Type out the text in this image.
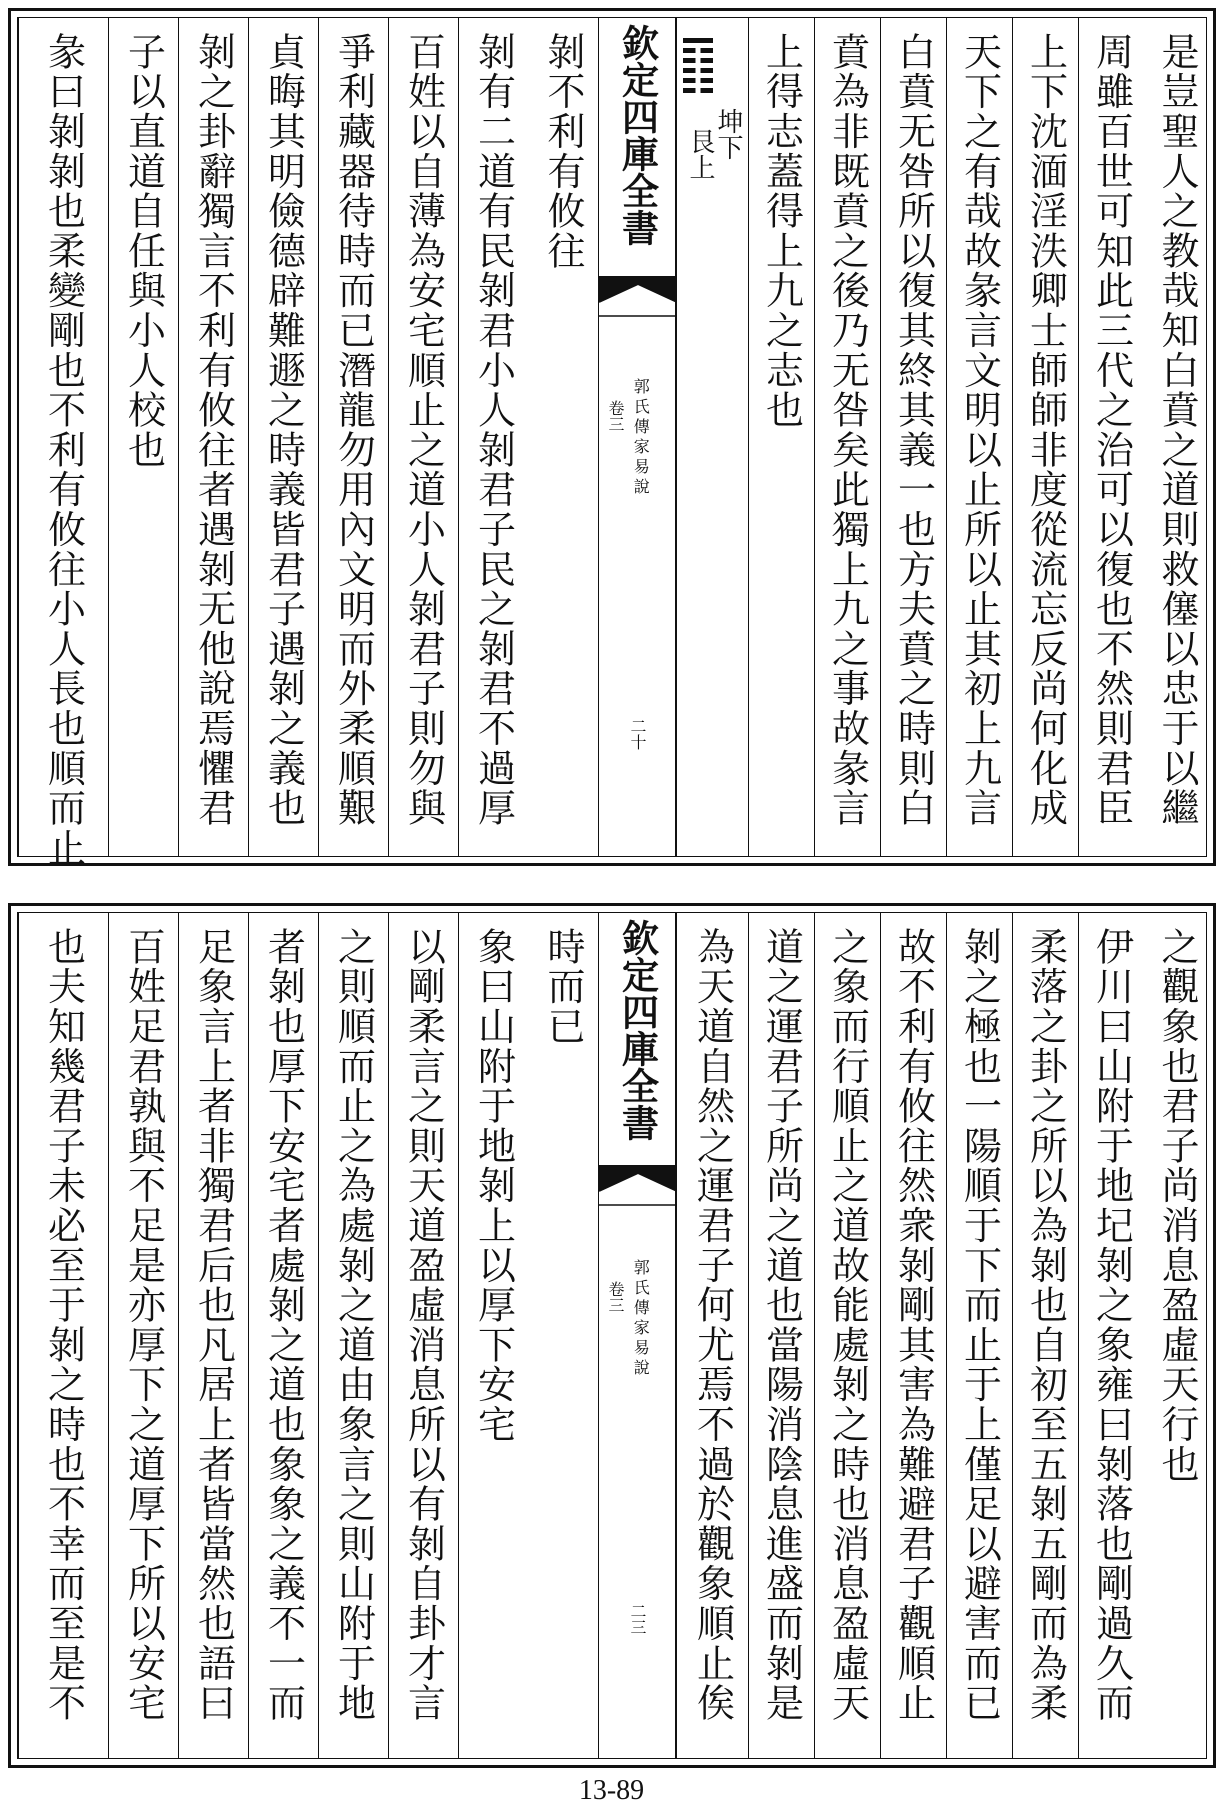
是豈聖人之教哉知白賁之道則救僿以忠于以繼
周雖百世可知此三代之治可以復也不然則君臣
上下沈湎淫泆卿士師師非度從流忘反尚何化成
天下之有哉故彖言文明以止所以止其初上九言
白賁无咎所以復其終其義一也方夫賁之時則白
賁為非既賁之後乃无咎矣此獨上九之事故彖言
上得志蓋得上九之志也
坤下
艮上
欽定四庫全書
郭氏傳家易說
卷三
二十
剝不利有攸往
剝有二道有民剝君小人剝君子民之剝君不過厚
百姓以自薄為安宅順止之道小人剝君子則勿與
爭利藏器待時而已潛龍勿用內文明而外柔順艱
貞晦其明儉德辟難遯之時義皆君子遇剝之義也
剝之卦辭獨言不利有攸往者遇剝无他說焉懼君
子以直道自任與小人校也
彖曰剝剝也柔變剛也不利有攸往小人長也順而止
之觀象也君子尚消息盈虛天行也
伊川曰山附于地圮剝之象雍曰剝落也剛過久而
柔落之卦之所以為剝也自初至五剝五剛而為柔
剝之極也一陽順于下而止于上僅足以避害而已
故不利有攸往然衆剝剛其害為難避君子觀順止
之象而行順止之道故能處剝之時也消息盈虛天
道之運君子所尚之道也當陽消陰息進盛而剝是
為天道自然之運君子何尤焉不過於觀象順止俟
欽定四庫全書
郭氏傳家易說
卷三
二三
時而已
象曰山附于地剝上以厚下安宅
以剛柔言之則天道盈虛消息所以有剝自卦才言
之則順而止之為處剝之道由象言之則山附于地
者剝也厚下安宅者處剝之道也象象之義不一而
足象言上者非獨君后也凡居上者皆當然也語曰
百姓足君孰與不足是亦厚下之道厚下所以安宅
也夫知幾君子未必至于剝之時也不幸而至是不
13-89
